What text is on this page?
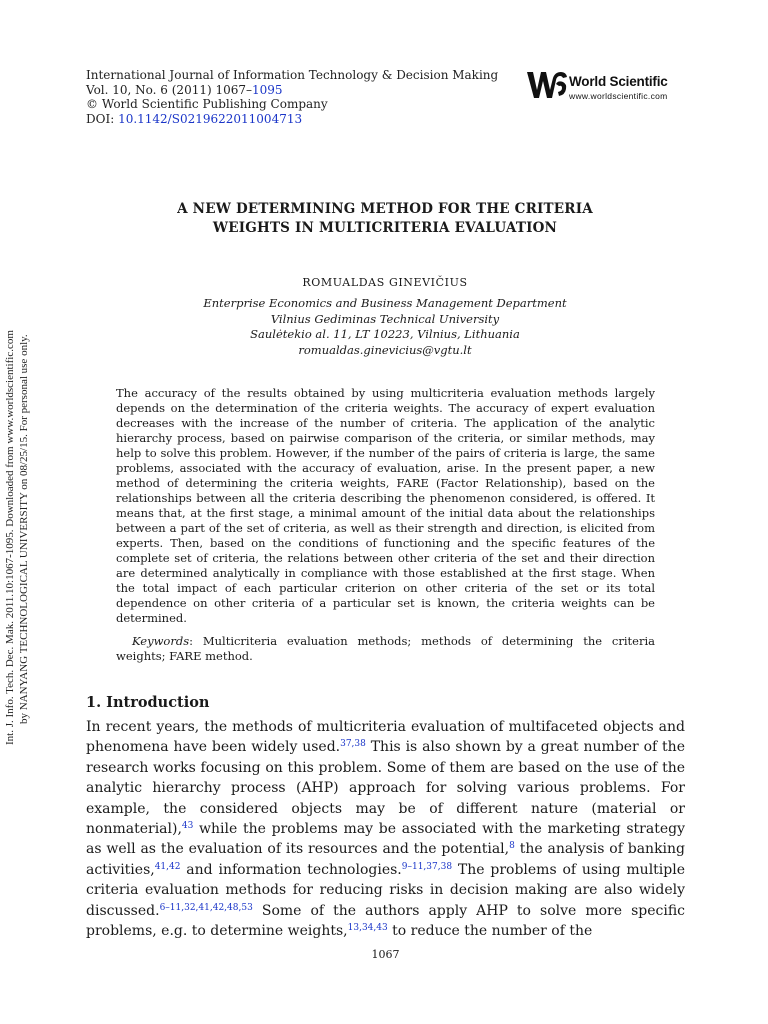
Int. J. Info. Tech. Dec. Mak. 2011.10:1067-1095. Downloaded from www.worldscientific.com by NANYANG TECHNOLOGICAL UNIVERSITY on 08/25/15. For personal use only.
International Journal of Information Technology & Decision Making
Vol. 10, No. 6 (2011) 1067–1095
© World Scientific Publishing Company
DOI: 10.1142/S0219622011004713
World Scientific
www.worldscientific.com
A NEW DETERMINING METHOD FOR THE CRITERIA
WEIGHTS IN MULTICRITERIA EVALUATION
ROMUALDAS GINEVIČIUS
Enterprise Economics and Business Management Department
Vilnius Gediminas Technical University
Saulėtekio al. 11, LT 10223, Vilnius, Lithuania
romualdas.ginevicius@vgtu.lt
The accuracy of the results obtained by using multicriteria evaluation methods largely depends on the determination of the criteria weights. The accuracy of expert evaluation decreases with the increase of the number of criteria. The application of the analytic hierarchy process, based on pairwise comparison of the criteria, or similar methods, may help to solve this problem. However, if the number of the pairs of criteria is large, the same problems, associated with the accuracy of evaluation, arise. In the present paper, a new method of determining the criteria weights, FARE (Factor Relationship), based on the relationships between all the criteria describing the phenomenon considered, is offered. It means that, at the first stage, a minimal amount of the initial data about the relationships between a part of the set of criteria, as well as their strength and direction, is elicited from experts. Then, based on the conditions of functioning and the specific features of the complete set of criteria, the relations between other criteria of the set and their direction are determined analytically in compliance with those established at the first stage. When the total impact of each particular criterion on other criteria of the set or its total dependence on other criteria of a particular set is known, the criteria weights can be determined.
Keywords: Multicriteria evaluation methods; methods of determining the criteria weights; FARE method.
1. Introduction
In recent years, the methods of multicriteria evaluation of multifaceted objects and phenomena have been widely used.$^{37,38}$ This is also shown by a great number of the research works focusing on this problem. Some of them are based on the use of the analytic hierarchy process (AHP) approach for solving various problems. For example, the considered objects may be of different nature (material or nonmaterial),$^{43}$ while the problems may be associated with the marketing strategy as well as the evaluation of its resources and the potential,$^8$ the analysis of banking activities,$^{41,42}$ and information technologies.$^{9-11,37,38}$ The problems of using multiple criteria evaluation methods for reducing risks in decision making are also widely discussed.$^{6-11,32,41,42,48,53}$ Some of the authors apply AHP to solve more specific problems, e.g. to determine weights,$^{13,34,43}$ to reduce the number of the
1067
